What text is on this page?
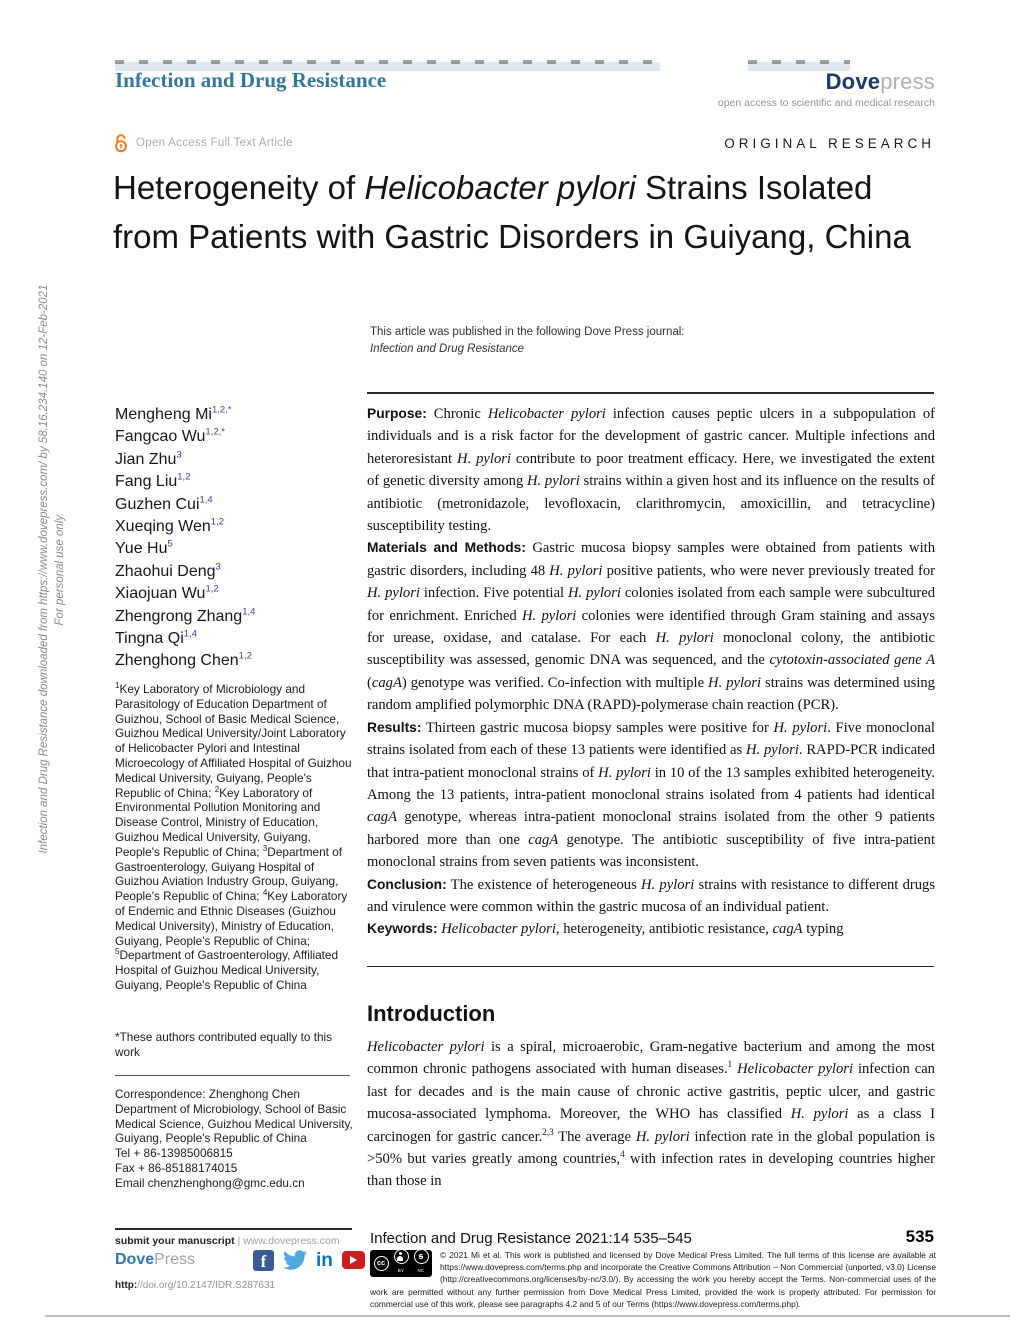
Infection and Drug Resistance downloaded from https://www.dovepress.com/ by 58.16.234.140 on 12-Feb-2021 For personal use only.
Infection and Drug Resistance	Dovepress
open access to scientific and medical research
Open Access Full Text Article	ORIGINAL RESEARCH
Heterogeneity of Helicobacter pylori Strains Isolated from Patients with Gastric Disorders in Guiyang, China
This article was published in the following Dove Press journal:
Infection and Drug Resistance
Mengheng $Mi^{1,2,*}$
Fangcao $Wu^{1,2,*}$
Jian Zhu$^3$
Fang Liu$^{1,2}$
Guzhen Cui$^{1,4}$
Xueqing Wen$^{1,2}$
Yue Hu$^5$
Zhaohui Deng$^3$
Xiaojuan Wu$^{1,2}$
Zhengrong Zhang$^{1,4}$
Tingna Qi$^{1,4}$
Zhenghong Chen$^{1,2}$
$^1$Key Laboratory of Microbiology and Parasitology of Education Department of Guizhou, School of Basic Medical Science, Guizhou Medical University/Joint Laboratory of Helicobacter Pylori and Intestinal Microecology of Affiliated Hospital of Guizhou Medical University, Guiyang, People's Republic of China; $^2$Key Laboratory of Environmental Pollution Monitoring and Disease Control, Ministry of Education, Guizhou Medical University, Guiyang, People's Republic of China; $^3$Department of Gastroenterology, Guiyang Hospital of Guizhou Aviation Industry Group, Guiyang, People's Republic of China; $^4$Key Laboratory of Endemic and Ethnic Diseases (Guizhou Medical University), Ministry of Education, Guiyang, People's Republic of China; $^5$Department of Gastroenterology, Affiliated Hospital of Guizhou Medical University, Guiyang, People's Republic of China
*These authors contributed equally to this work
Correspondence: Zhenghong Chen
Department of Microbiology, School of Basic Medical Science, Guizhou Medical University, Guiyang, People's Republic of China
Tel + 86-13985006815
Fax + 86-85188174015
Email chenzhenghong@gmc.edu.cn

Purpose: Chronic Helicobacter pylori infection causes peptic ulcers in a subpopulation of individuals and is a risk factor for the development of gastric cancer. Multiple infections and heteroresistant H. pylori contribute to poor treatment efficacy. Here, we investigated the extent of genetic diversity among H. pylori strains within a given host and its influence on the results of antibiotic (metronidazole, levofloxacin, clarithromycin, amoxicillin, and tetracycline) susceptibility testing.

Materials and Methods: Gastric mucosa biopsy samples were obtained from patients with gastric disorders, including 48 H. pylori positive patients, who were never previously treated for H. pylori infection. Five potential H. pylori colonies isolated from each sample were subcultured for enrichment. Enriched H. pylori colonies were identified through Gram staining and assays for urease, oxidase, and catalase. For each H. pylori monoclonal colony, the antibiotic susceptibility was assessed, genomic DNA was sequenced, and the cytotoxin-associated gene A (cagA) genotype was verified. Co-infection with multiple H. pylori strains was determined using random amplified polymorphic DNA (RAPD)-polymerase chain reaction (PCR).

Results: Thirteen gastric mucosa biopsy samples were positive for H. pylori. Five monoclonal strains isolated from each of these 13 patients were identified as H. pylori. RAPD-PCR indicated that intra-patient monoclonal strains of H. pylori in 10 of the 13 samples exhibited heterogeneity. Among the 13 patients, intra-patient monoclonal strains isolated from 4 patients had identical cagA genotype, whereas intra-patient monoclonal strains isolated from the other 9 patients harbored more than one cagA genotype. The antibiotic susceptibility of five intra-patient monoclonal strains from seven patients was inconsistent.

Conclusion: The existence of heterogeneous H. pylori strains with resistance to different drugs and virulence were common within the gastric mucosa of an individual patient.

Keywords: Helicobacter pylori, heterogeneity, antibiotic resistance, cagA typing

Introduction
Helicobacter pylori is a spiral, microaerobic, Gram-negative bacterium and among the most common chronic pathogens associated with human diseases.$^1$ Helicobacter pylori infection can last for decades and is the main cause of chronic active gastritis, peptic ulcer, and gastric mucosa-associated lymphoma. Moreover, the WHO has classified H. pylori as a class I carcinogen for gastric cancer.$^{2,3}$ The average H. pylori infection rate in the global population is >50% but varies greatly among countries,$^4$ with infection rates in developing countries higher than those in
submit your manuscript | www.dovepress.com
DovePress	f	in
http://doi.org/10.2147/IDR.S287631
Infection and Drug Resistance 2021:14 535–545	535
cc
BY
$
NC
© 2021 Mi et al. This work is published and licensed by Dove Medical Press Limited. The full terms of this license are available at https://www.dovepress.com/terms.php and incorporate the Creative Commons Attribution – Non Commercial (unported, v3.0) License (http://creativecommons.org/licenses/by-nc/3.0/). By accessing the work you hereby accept the Terms. Non-commercial uses of the work are permitted without any further permission from Dove Medical Press Limited, provided the work is properly attributed. For permission for commercial use of this work, please see paragraphs 4.2 and 5 of our Terms (https://www.dovepress.com/terms.php).
